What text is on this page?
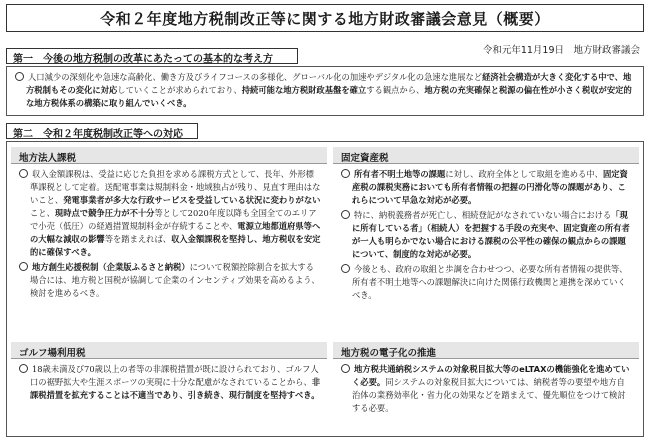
令和２年度地方税制改正等に関する地方財政審議会意見（概要）
令和元年11月19日　地方財政審議会
第一　今後の地方税制の改革にあたっての基本的な考え方

人口減少の深刻化や急速な高齢化、働き方及びライフコースの多様化、グローバル化の加速やデジタル化の急速な進展など経済社会構造が大きく変化する中で、地方税制もその変化に対応していくことが求められており、持続可能な地方税財政基盤を確立する観点から、地方税の充実確保と税源の偏在性が小さく税収が安定的な地方税体系の構築に取り組んでいくべき。

第二　令和２年度税制改正等への対応
地方法人課税

収入金額課税は、受益に応じた負担を求める課税方式として、長年、外形標準課税として定着。送配電事業は規制料金・地域独占が残り、見直す理由はないこと、発電事業者が多大な行政サービスを受益している状況に変わりがないこと、現時点で競争圧力が不十分等として2020年度以降も全国全てのエリアで小売（低圧）の経過措置規制料金が存続することや、電源立地都道府県等への大幅な減収の影響等を踏まえれば、収入金額課税を堅持し、地方税収を安定的に確保すべき。

地方創生応援税制（企業版ふるさと納税）について税額控除割合を拡大する場合には、地方税と国税が協調して企業のインセンティブ効果を高めるよう、検討を進めるべき。

固定資産税

所有者不明土地等の課題に対し、政府全体として取組を進める中、固定資産税の課税実務においても所有者情報の把握の円滑化等の課題があり、これらについて早急な対応が必要。

特に、納税義務者が死亡し、相続登記がなされていない場合における「現に所有している者」（相続人）を把握する手段の充実や、固定資産の所有者が一人も明らかでない場合における課税の公平性の確保の観点からの課題について、制度的な対応が必要。

今後とも、政府の取組と歩調を合わせつつ、必要な所有者情報の提供等、所有者不明土地等への課題解決に向けた関係行政機関と連携を深めていくべき。

ゴルフ場利用税

18歳未満及び70歳以上の者等の非課税措置が既に設けられており、ゴルフ人口の裾野拡大や生涯スポーツの実現に十分な配慮がなされていることから、非課税措置を拡充することは不適当であり、引き続き、現行制度を堅持すべき。

地方税の電子化の推進

地方税共通納税システムの対象税目拡大等のeLTAXの機能強化を進めていく必要。同システムの対象税目拡大については、納税者等の要望や地方自治体の業務効率化・省力化の効果などを踏まえて、優先順位をつけて検討する必要。
